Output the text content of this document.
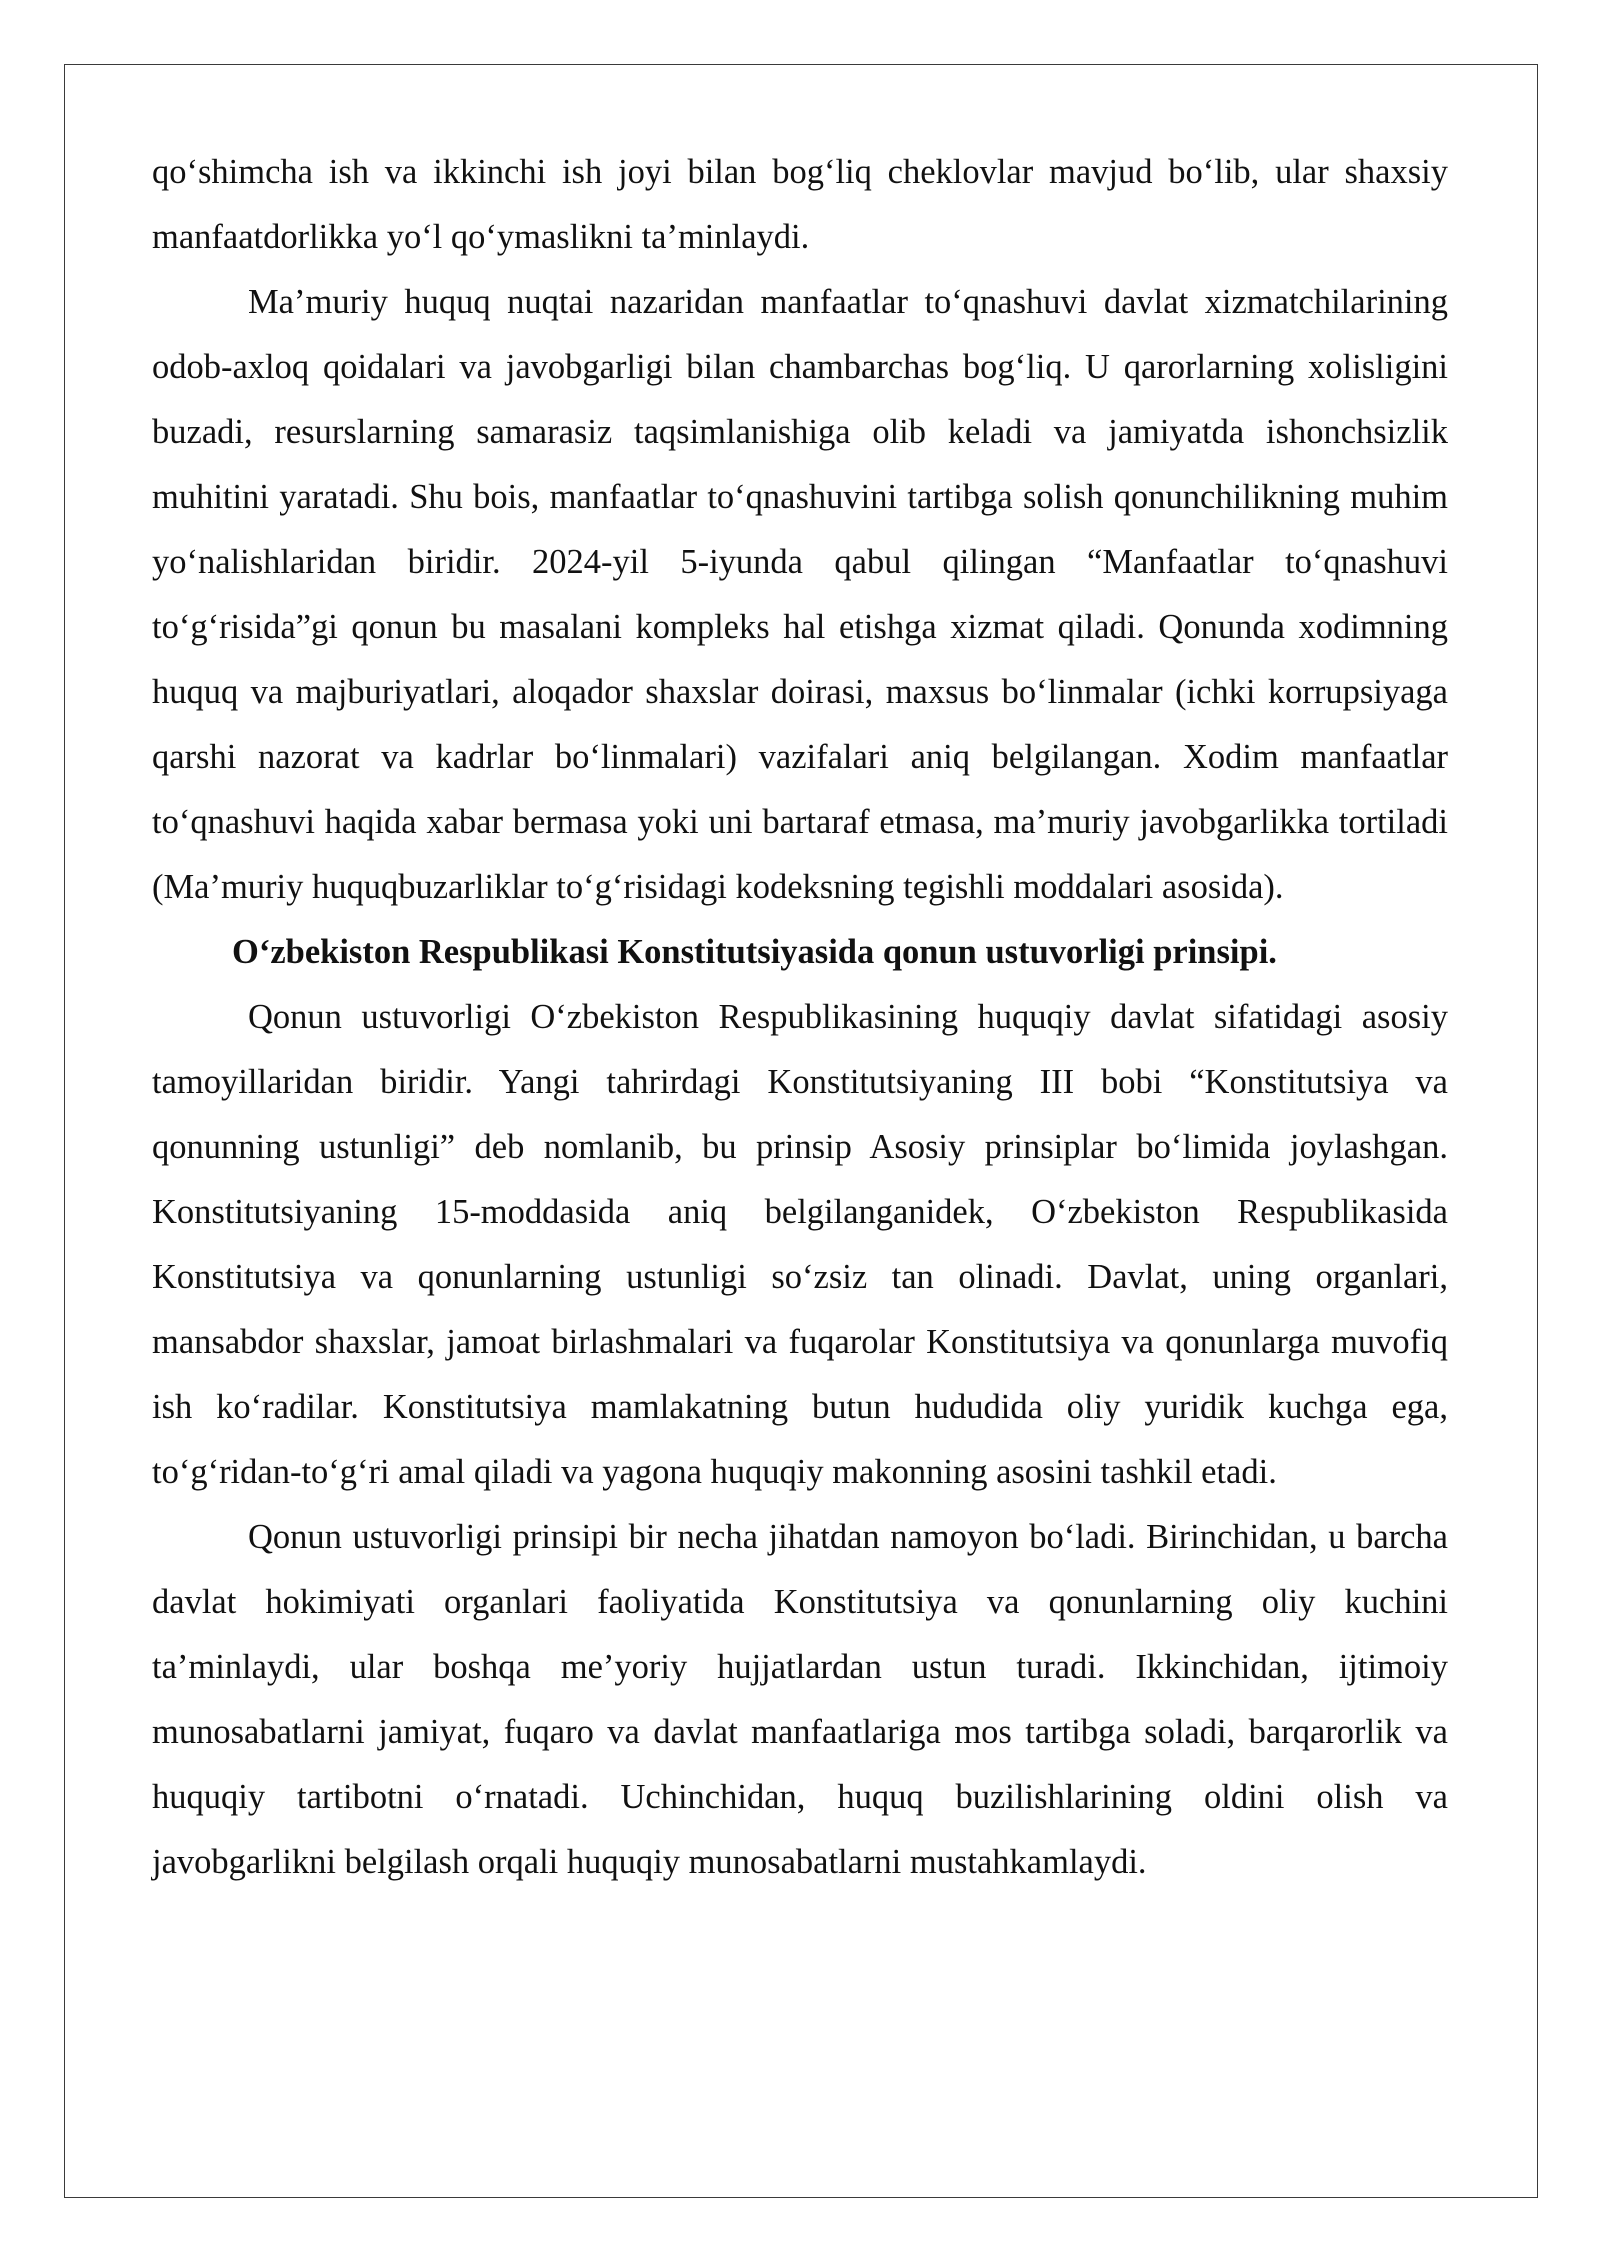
qo‘shimcha ish va ikkinchi ish joyi bilan bog‘liq cheklovlar mavjud bo‘lib, ular shaxsiy manfaatdorlikka yo‘l qo‘ymaslikni ta’minlaydi.

Ma’muriy huquq nuqtai nazaridan manfaatlar to‘qnashuvi davlat xizmatchilarining odob-axloq qoidalari va javobgarligi bilan chambarchas bog‘liq. U qarorlarning xolisligini buzadi, resurslarning samarasiz taqsimlanishiga olib keladi va jamiyatda ishonchsizlik muhitini yaratadi. Shu bois, manfaatlar to‘qnashuvini tartibga solish qonunchilikning muhim yo‘nalishlaridan biridir. 2024-yil 5-iyunda qabul qilingan “Manfaatlar to‘qnashuvi to‘g‘risida”gi qonun bu masalani kompleks hal etishga xizmat qiladi. Qonunda xodimning huquq va majburiyatlari, aloqador shaxslar doirasi, maxsus bo‘linmalar (ichki korrupsiyaga qarshi nazorat va kadrlar bo‘linmalari) vazifalari aniq belgilangan. Xodim manfaatlar to‘qnashuvi haqida xabar bermasa yoki uni bartaraf etmasa, ma’muriy javobgarlikka tortiladi (Ma’muriy huquqbuzarliklar to‘g‘risidagi kodeksning tegishli moddalari asosida).

O‘zbekiston Respublikasi Konstitutsiyasida qonun ustuvorligi prinsipi.

Qonun ustuvorligi O‘zbekiston Respublikasining huquqiy davlat sifatidagi asosiy tamoyillaridan biridir. Yangi tahrirdagi Konstitutsiyaning III bobi “Konstitutsiya va qonunning ustunligi” deb nomlanib, bu prinsip Asosiy prinsiplar bo‘limida joylashgan. Konstitutsiyaning 15-moddasida aniq belgilanganidek, O‘zbekiston Respublikasida Konstitutsiya va qonunlarning ustunligi so‘zsiz tan olinadi. Davlat, uning organlari, mansabdor shaxslar, jamoat birlashmalari va fuqarolar Konstitutsiya va qonunlarga muvofiq ish ko‘radilar. Konstitutsiya mamlakatning butun hududida oliy yuridik kuchga ega, to‘g‘ridan-to‘g‘ri amal qiladi va yagona huquqiy makonning asosini tashkil etadi.

Qonun ustuvorligi prinsipi bir necha jihatdan namoyon bo‘ladi. Birinchidan, u barcha davlat hokimiyati organlari faoliyatida Konstitutsiya va qonunlarning oliy kuchini ta’minlaydi, ular boshqa me’yoriy hujjatlardan ustun turadi. Ikkinchidan, ijtimoiy munosabatlarni jamiyat, fuqaro va davlat manfaatlariga mos tartibga soladi, barqarorlik va huquqiy tartibotni o‘rnatadi. Uchinchidan, huquq buzilishlarining oldini olish va javobgarlikni belgilash orqali huquqiy munosabatlarni mustahkamlaydi.
